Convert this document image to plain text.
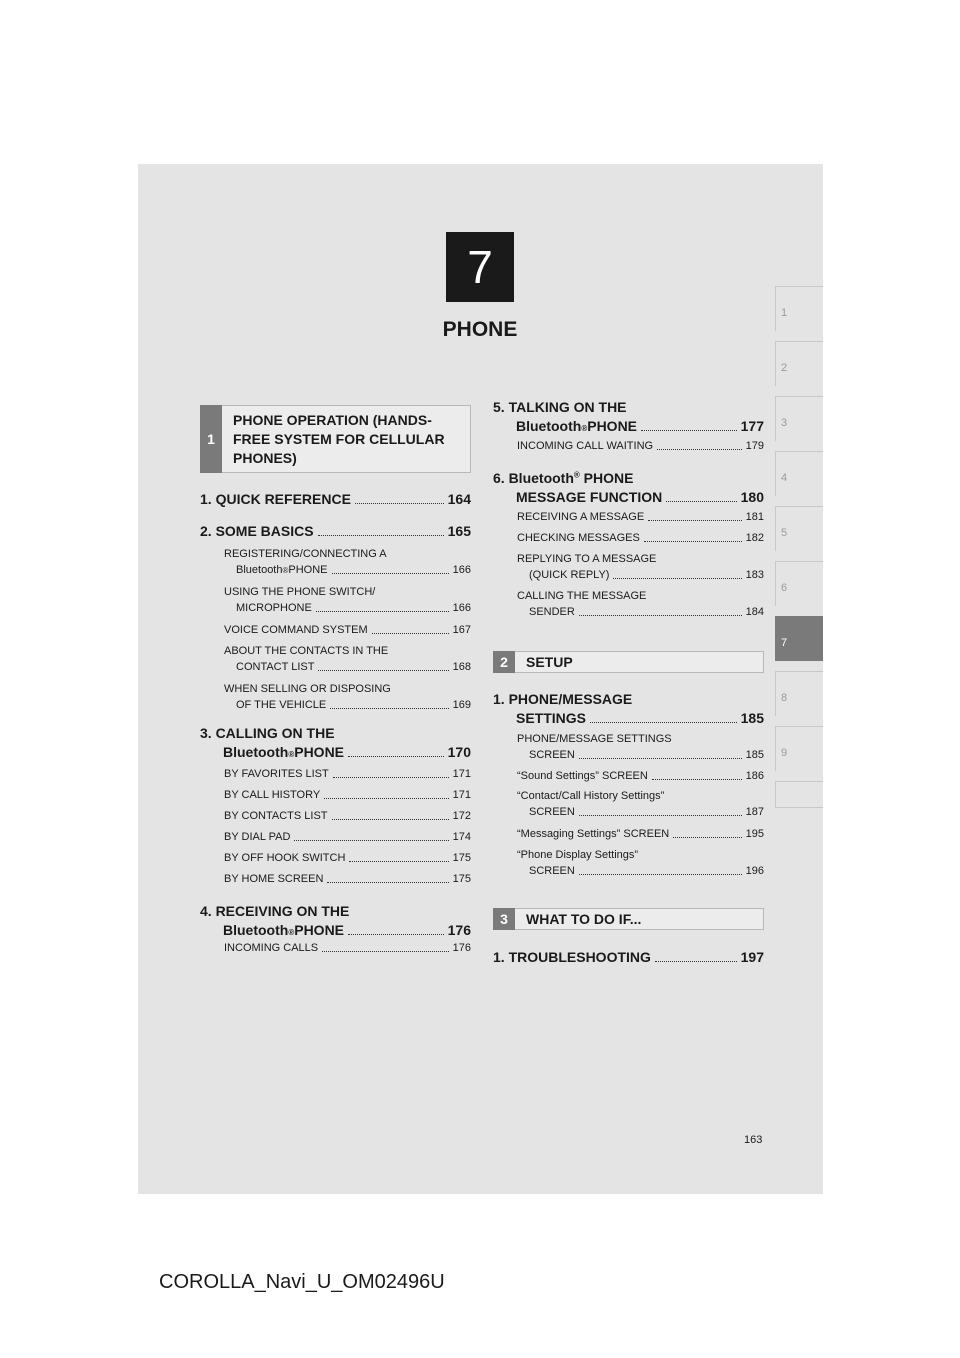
7
PHONE
1
2
3
4
5
6
7
8
9
1
PHONE OPERATION (HANDS-FREE SYSTEM FOR CELLULAR PHONES)
1. QUICK REFERENCE	164
2. SOME BASICS	165
REGISTERING/CONNECTING A
Bluetooth ® PHONE	166
USING THE PHONE SWITCH/
MICROPHONE	166
VOICE COMMAND SYSTEM	167
ABOUT THE CONTACTS IN THE
CONTACT LIST	168
WHEN SELLING OR DISPOSING
OF THE VEHICLE	169
3. CALLING ON THE
Bluetooth ® PHONE	170
BY FAVORITES LIST	171
BY CALL HISTORY	171
BY CONTACTS LIST	172
BY DIAL PAD	174
BY OFF HOOK SWITCH	175
BY HOME SCREEN	175
4. RECEIVING ON THE
Bluetooth ® PHONE	176
INCOMING CALLS	176
5. TALKING ON THE
Bluetooth ® PHONE	177
INCOMING CALL WAITING	179
6. Bluetooth® PHONE
MESSAGE FUNCTION	180
RECEIVING A MESSAGE	181
CHECKING MESSAGES	182
REPLYING TO A MESSAGE
(QUICK REPLY)	183
CALLING THE MESSAGE
SENDER	184
2	SETUP
1. PHONE/MESSAGE
SETTINGS	185
PHONE/MESSAGE SETTINGS
SCREEN	185
“Sound Settings” SCREEN	186
“Contact/Call History Settings”
SCREEN	187
“Messaging Settings” SCREEN	195
“Phone Display Settings”
SCREEN	196
3	WHAT TO DO IF...
1. TROUBLESHOOTING	197
163
COROLLA_Navi_U_OM02496U
